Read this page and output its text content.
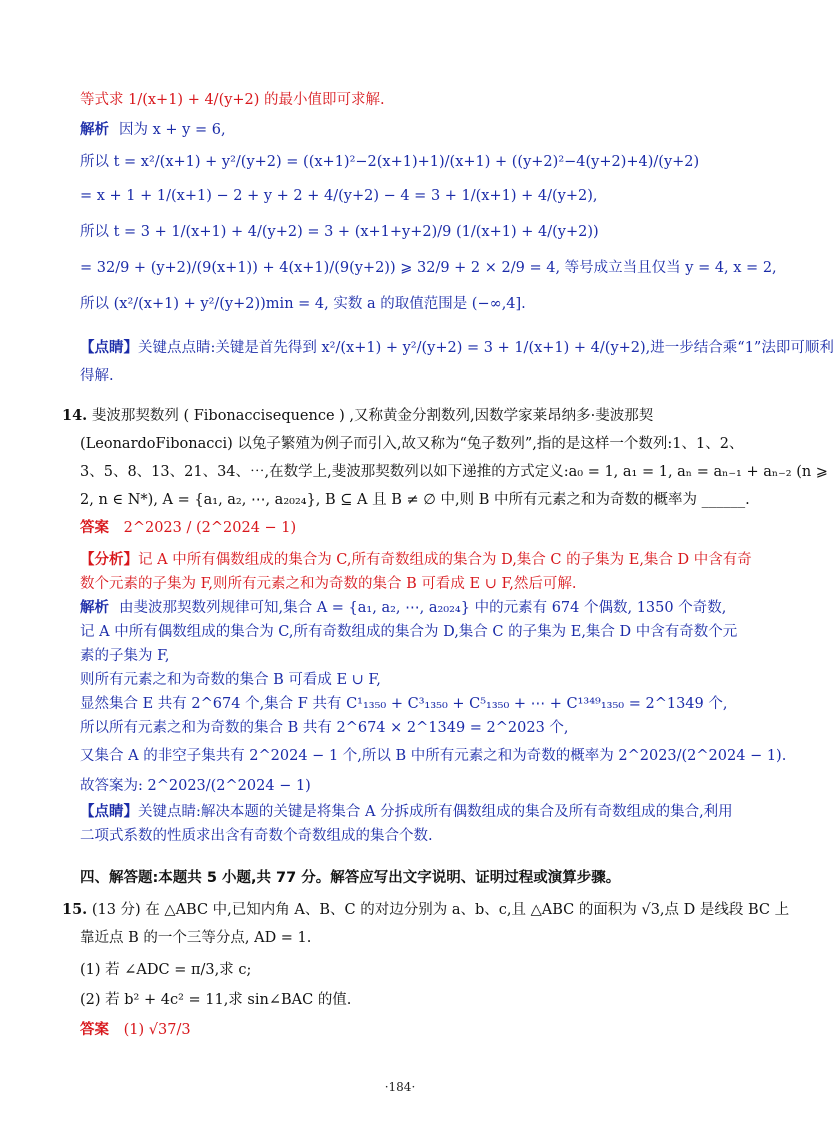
等式求 1/(x+1) + 4/(y+2) 的最小值即可求解.
解析 因为 x + y = 6,
所以 t = x²/(x+1) + y²/(y+2) = ((x+1)²−2(x+1)+1)/(x+1) + ((y+2)²−4(y+2)+4)/(y+2)
= x + 1 + 1/(x+1) − 2 + y + 2 + 4/(y+2) − 4 = 3 + 1/(x+1) + 4/(y+2),
所以 t = 3 + 1/(x+1) + 4/(y+2) = 3 + (x+1+y+2)/9 (1/(x+1) + 4/(y+2))
= 32/9 + (y+2)/(9(x+1)) + 4(x+1)/(9(y+2)) ⩾ 32/9 + 2 × 2/9 = 4, 等号成立当且仅当 y = 4, x = 2,
所以 (x²/(x+1) + y²/(y+2))min = 4, 实数 a 的取值范围是 (−∞,4].
【点睛】关键点点睛:关键是首先得到 x²/(x+1) + y²/(y+2) = 3 + 1/(x+1) + 4/(y+2),进一步结合乘“1”法即可顺利
得解.
14. 斐波那契数列 ( Fibonaccisequence ) ,又称黄金分割数列,因数学家莱昂纳多·斐波那契
(LeonardoFibonacci) 以兔子繁殖为例子而引入,故又称为“兔子数列”,指的是这样一个数列:1、1、2、
3、5、8、13、21、34、⋯,在数学上,斐波那契数列以如下递推的方式定义:a₀ = 1, a₁ = 1, aₙ = aₙ₋₁ + aₙ₋₂ (n ⩾
2, n ∈ N*), A = {a₁, a₂, ⋯, a₂₀₂₄}, B ⊆ A 且 B ≠ ∅ 中,则 B 中所有元素之和为奇数的概率为 ______.
答案 2^2023 / (2^2024 − 1)
【分析】记 A 中所有偶数组成的集合为 C,所有奇数组成的集合为 D,集合 C 的子集为 E,集合 D 中含有奇
数个元素的子集为 F,则所有元素之和为奇数的集合 B 可看成 E ∪ F,然后可解.
解析 由斐波那契数列规律可知,集合 A = {a₁, a₂, ⋯, a₂₀₂₄} 中的元素有 674 个偶数, 1350 个奇数,
记 A 中所有偶数组成的集合为 C,所有奇数组成的集合为 D,集合 C 的子集为 E,集合 D 中含有奇数个元
素的子集为 F,
则所有元素之和为奇数的集合 B 可看成 E ∪ F,
显然集合 E 共有 2^674 个,集合 F 共有 C¹₁₃₅₀ + C³₁₃₅₀ + C⁵₁₃₅₀ + ⋯ + C¹³⁴⁹₁₃₅₀ = 2^1349 个,
所以所有元素之和为奇数的集合 B 共有 2^674 × 2^1349 = 2^2023 个,
又集合 A 的非空子集共有 2^2024 − 1 个,所以 B 中所有元素之和为奇数的概率为 2^2023/(2^2024 − 1).
故答案为: 2^2023/(2^2024 − 1)
【点睛】关键点睛:解决本题的关键是将集合 A 分拆成所有偶数组成的集合及所有奇数组成的集合,利用
二项式系数的性质求出含有奇数个奇数组成的集合个数.
四、解答题:本题共 5 小题,共 77 分。解答应写出文字说明、证明过程或演算步骤。
15. (13 分) 在 △ABC 中,已知内角 A、B、C 的对边分别为 a、b、c,且 △ABC 的面积为 √3,点 D 是线段 BC 上
靠近点 B 的一个三等分点, AD = 1.
(1) 若 ∠ADC = π/3,求 c;
(2) 若 b² + 4c² = 11,求 sin∠BAC 的值.
答案 (1) √37/3
·184·
